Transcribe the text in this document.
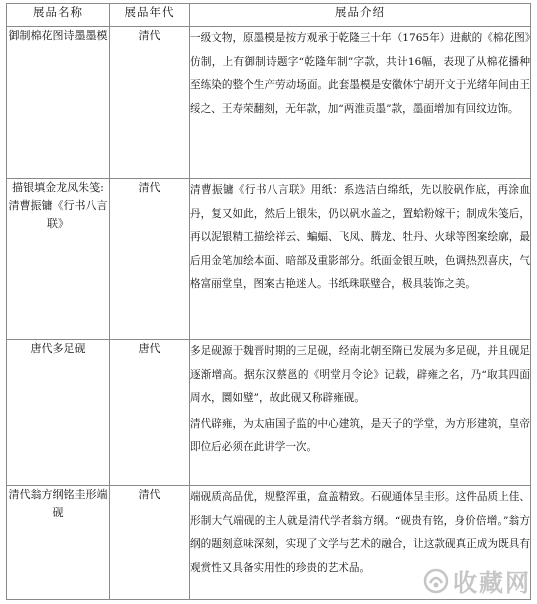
展品名称	展品年代	展品介绍
御制棉花图诗墨墨模	清代	一级文物，原墨模是按方观承于乾隆三十年（1765年）进献的《棉花图》仿制，上有御制诗题字“乾隆年制”字款，共计16幅，表现了从棉花播种至练染的整个生产劳动场面。此套墨模是安徽休宁胡开文于光绪年间由王绥之、王寿荣翻刻，无年款，加“两淮贡墨”款，墨面增加有回纹边饰。

描银填金龙凤朱笺:清曹振镛《行书八言联》	清代	清曹振镛《行书八言联》用纸：系选洁白绵纸，先以胶矾作底，再涂血丹，复又如此，然后上银朱，仍以矾水盖之，置蛤粉嫁干；制成朱笺后，再以泥银精工描绘祥云、蝙蝠、飞凤、腾龙、牡丹、火球等图案绘廓，最后用金笔加绘本面、暗部及重影部分。纸面金银互映，色调热烈喜庆，气格富丽堂皇，图案古艳迷人。书纸珠联璧合，极具装饰之美。

唐代多足砚	唐代	多足砚源于魏晋时期的三足砚，经南北朝至隋已发展为多足砚，并且砚足逐渐增高。据东汉蔡邕的《明堂月令论》记载，辟雍之名，乃“取其四面周水，圜如璧”，故此砚又称辟雍砚。

清代辟雍，为太庙国子监的中心建筑，是天子的学堂，为方形建筑，皇帝即位后必须在此讲学一次。

清代翁方纲铭圭形端砚	清代	端砚质高品优，规整浑重，盒盖精致。石砚通体呈圭形。这件品质上佳、形制大气端砚的主人就是清代学者翁方纲。“砚贵有铭，身价倍增。”翁方纲的题刻意味深刻，实现了文学与艺术的融合，让这款砚真正成为既具有观赏性又具备实用性的珍贵的艺术品。

收藏网
